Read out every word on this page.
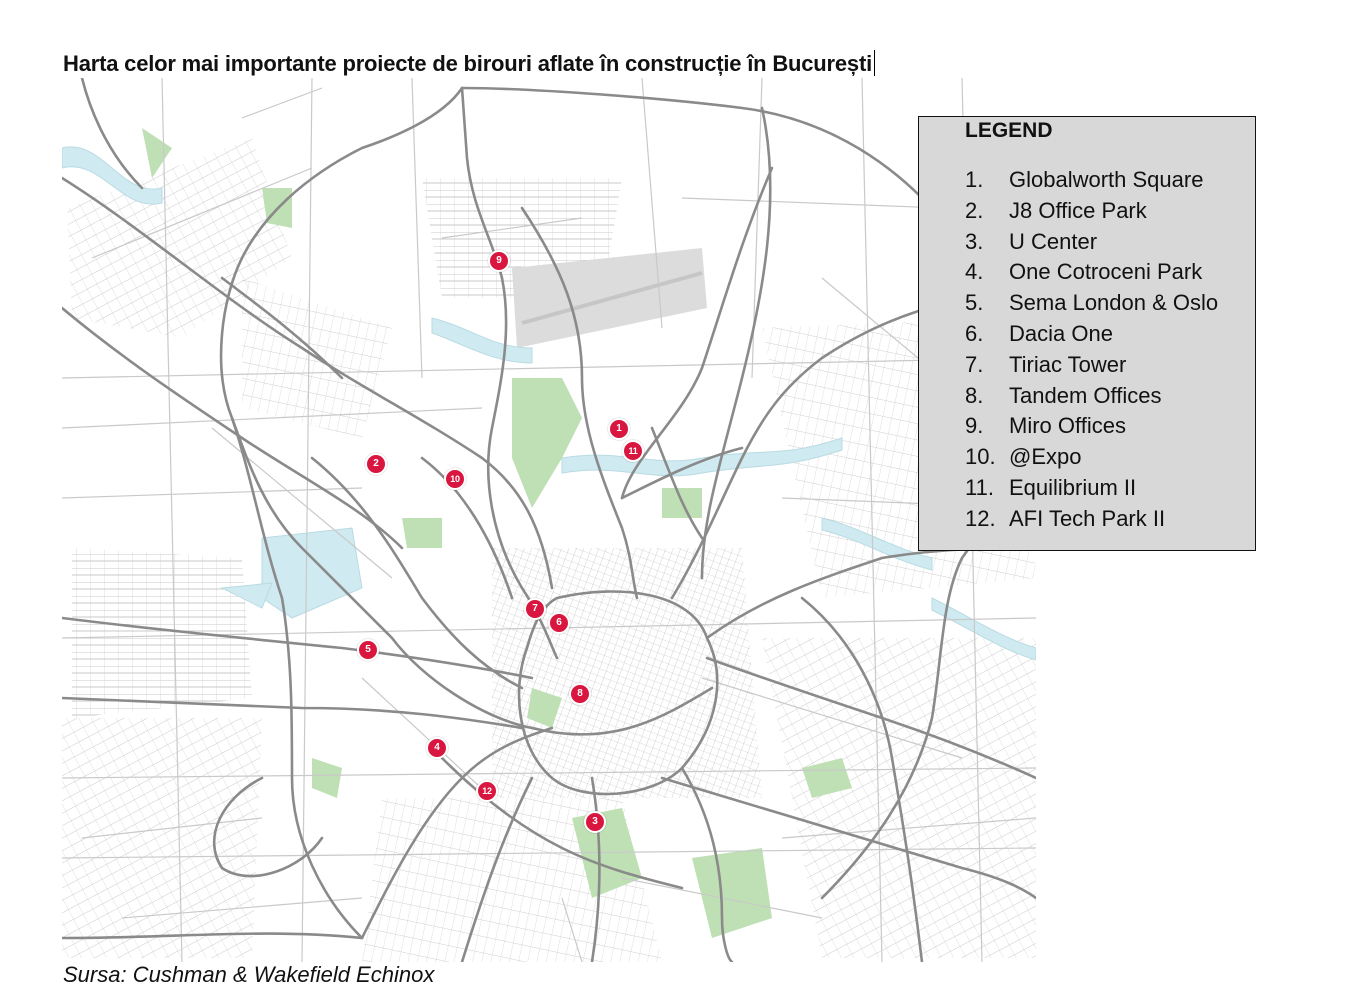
Harta celor mai importante proiecte de birouri aflate în construcție în București
1
2
3
4
5
6
7
8
9
10
11
12
LEGEND
1.	Globalworth Square
2.	J8 Office Park
3.	U Center
4.	One Cotroceni Park
5.	Sema London & Oslo
6.	Dacia One
7.	Tiriac Tower
8.	Tandem Offices
9.	Miro Offices
10. @Expo
11. Equilibrium II
12. AFI Tech Park II
Sursa: Cushman & Wakefield Echinox
